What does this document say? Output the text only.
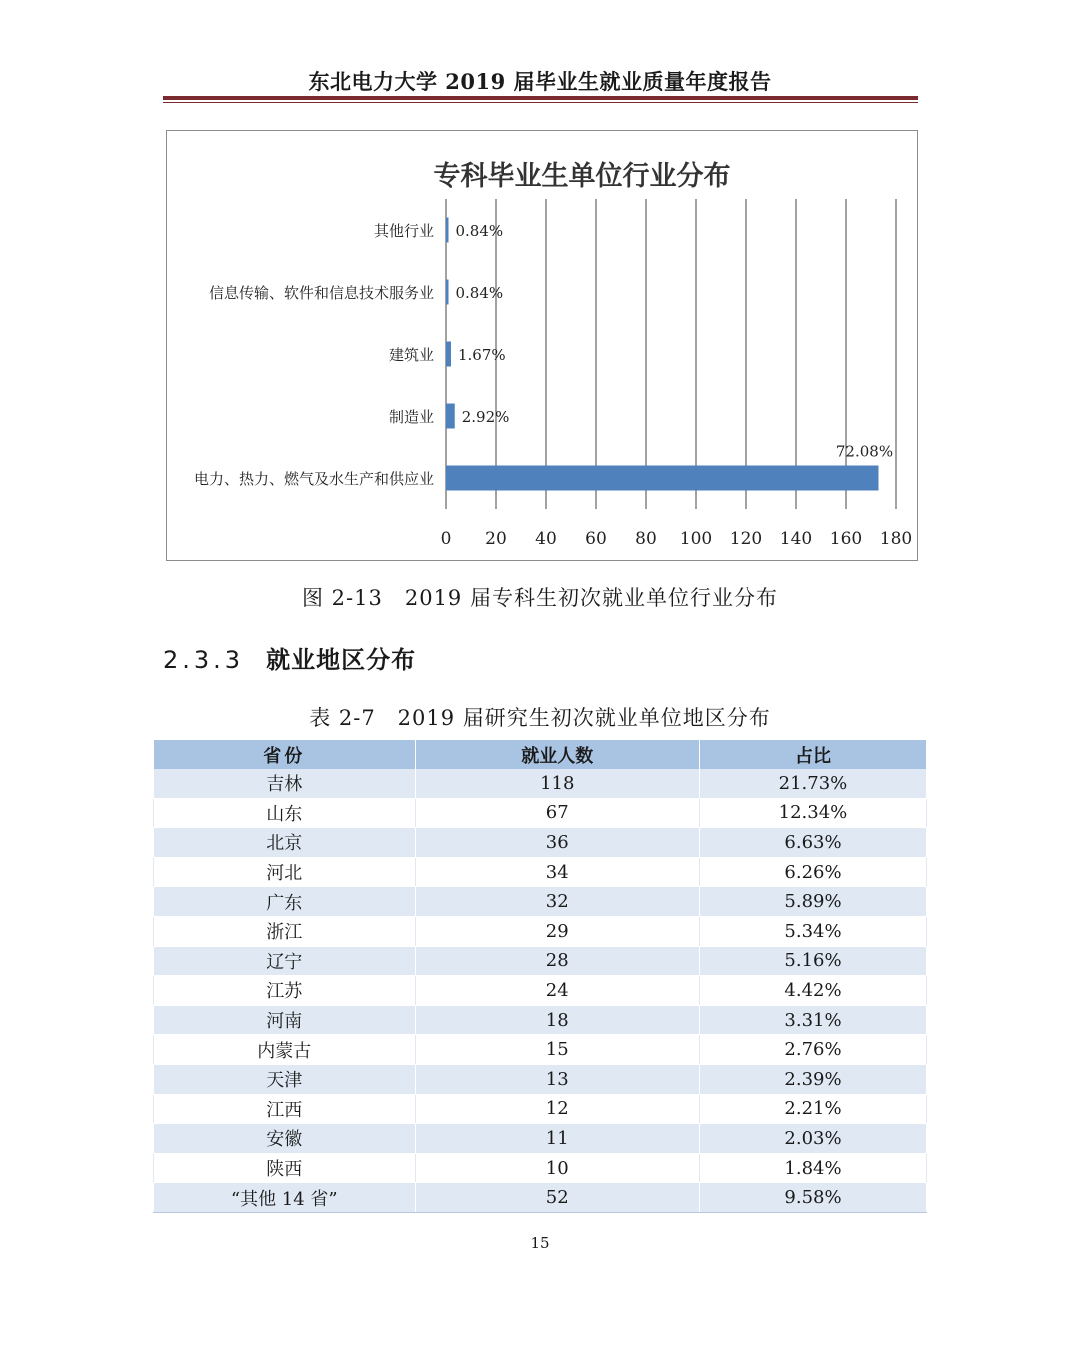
东北电力大学 2019 届毕业生就业质量年度报告
专科毕业生单位行业分布
0 20 40 60 80 100 120 140 160 180
其他行业 0.84%
信息传输、软件和信息技术服务业 0.84%
建筑业 1.67%
制造业 2.92%
电力、热力、燃气及水生产和供应业
72.08%
图 2-13　2019 届专科生初次就业单位行业分布
2.3.3 就业地区分布
表 2-7　2019 届研究生初次就业单位地区分布
省份	就业人数	占比
吉林	118	21.73%
山东	67	12.34%
北京	36	6.63%
河北	34	6.26%
广东	32	5.89%
浙江	29	5.34%
辽宁	28	5.16%
江苏	24	4.42%
河南	18	3.31%
内蒙古	15	2.76%
天津	13	2.39%
江西	12	2.21%
安徽	11	2.03%
陕西	10	1.84%
“其他 14 省”	52	9.58%
15
